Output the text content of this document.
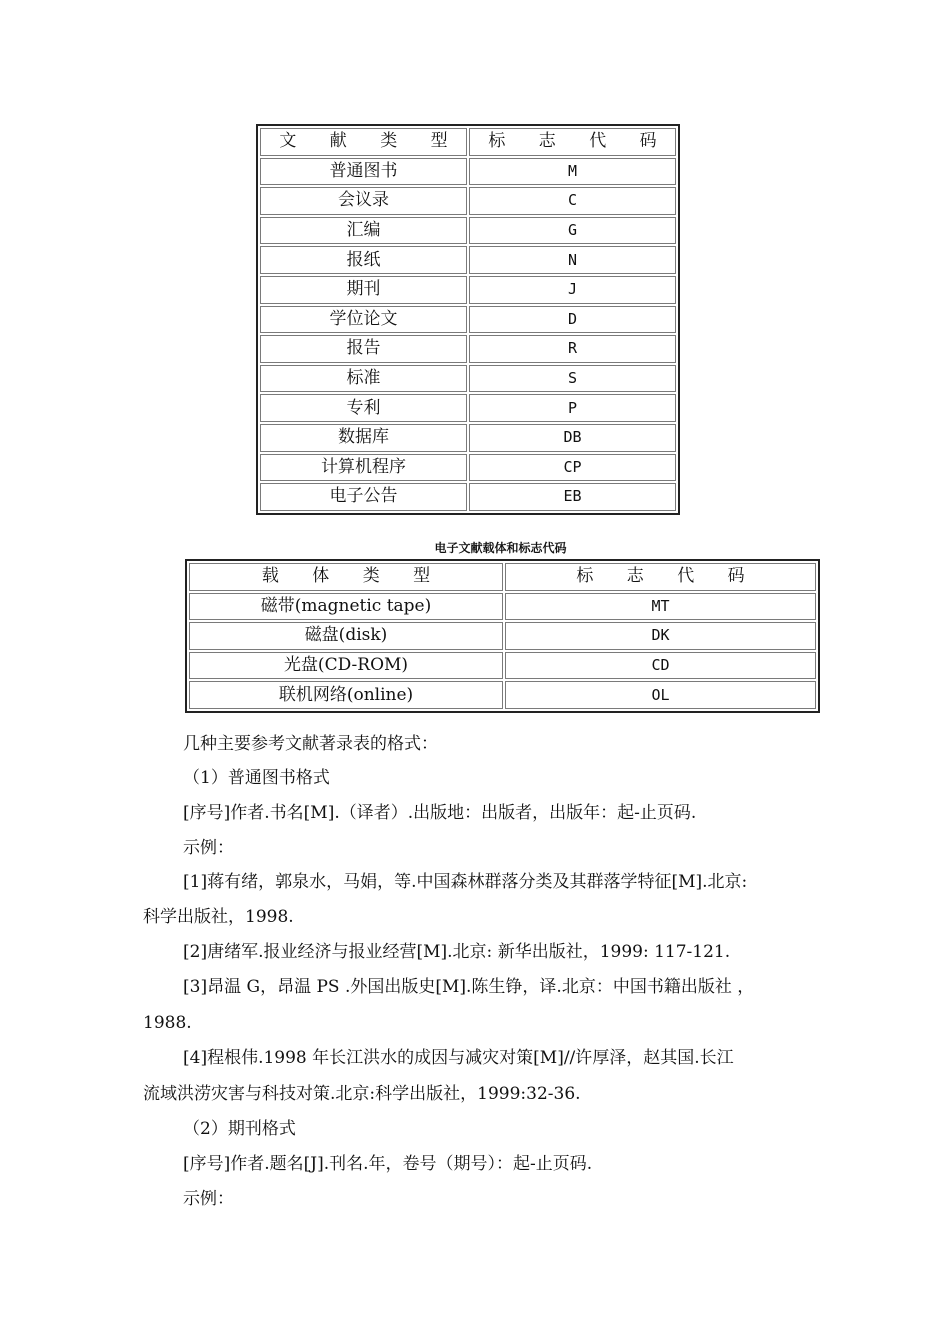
文 献 类 型	标 志 代 码
普通图书	M
会议录	C
汇编	G
报纸	N
期刊	J
学位论文	D
报告	R
标准	S
专利	P
数据库	DB
计算机程序	CP
电子公告	EB
电子文献载体和标志代码
载 体 类 型	标 志 代 码
磁带(magnetic tape)	MT
磁盘(disk)	DK
光盘(CD-ROM)	CD
联机网络(online)	OL
几种主要参考文献著录表的格式：
（1）普通图书格式
[序号]作者.书名[M].（译者）.出版地：出版者，出版年：起-止页码.
示例：
[1]蒋有绪，郭泉水，马娟，等.中国森林群落分类及其群落学特征[M].北京:
科学出版社，1998.
[2]唐绪军.报业经济与报业经营[M].北京: 新华出版社，1999: 117-121.
[3]昂温 G，昂温 PS .外国出版史[M].陈生铮，译.北京：中国书籍出版社 ，
1988.
[4]程根伟.1998 年长江洪水的成因与减灾对策[M]//许厚泽，赵其国.长江
流域洪涝灾害与科技对策.北京:科学出版社，1999:32-36.
（2）期刊格式
[序号]作者.题名[J].刊名.年，卷号（期号）：起-止页码.
示例：
